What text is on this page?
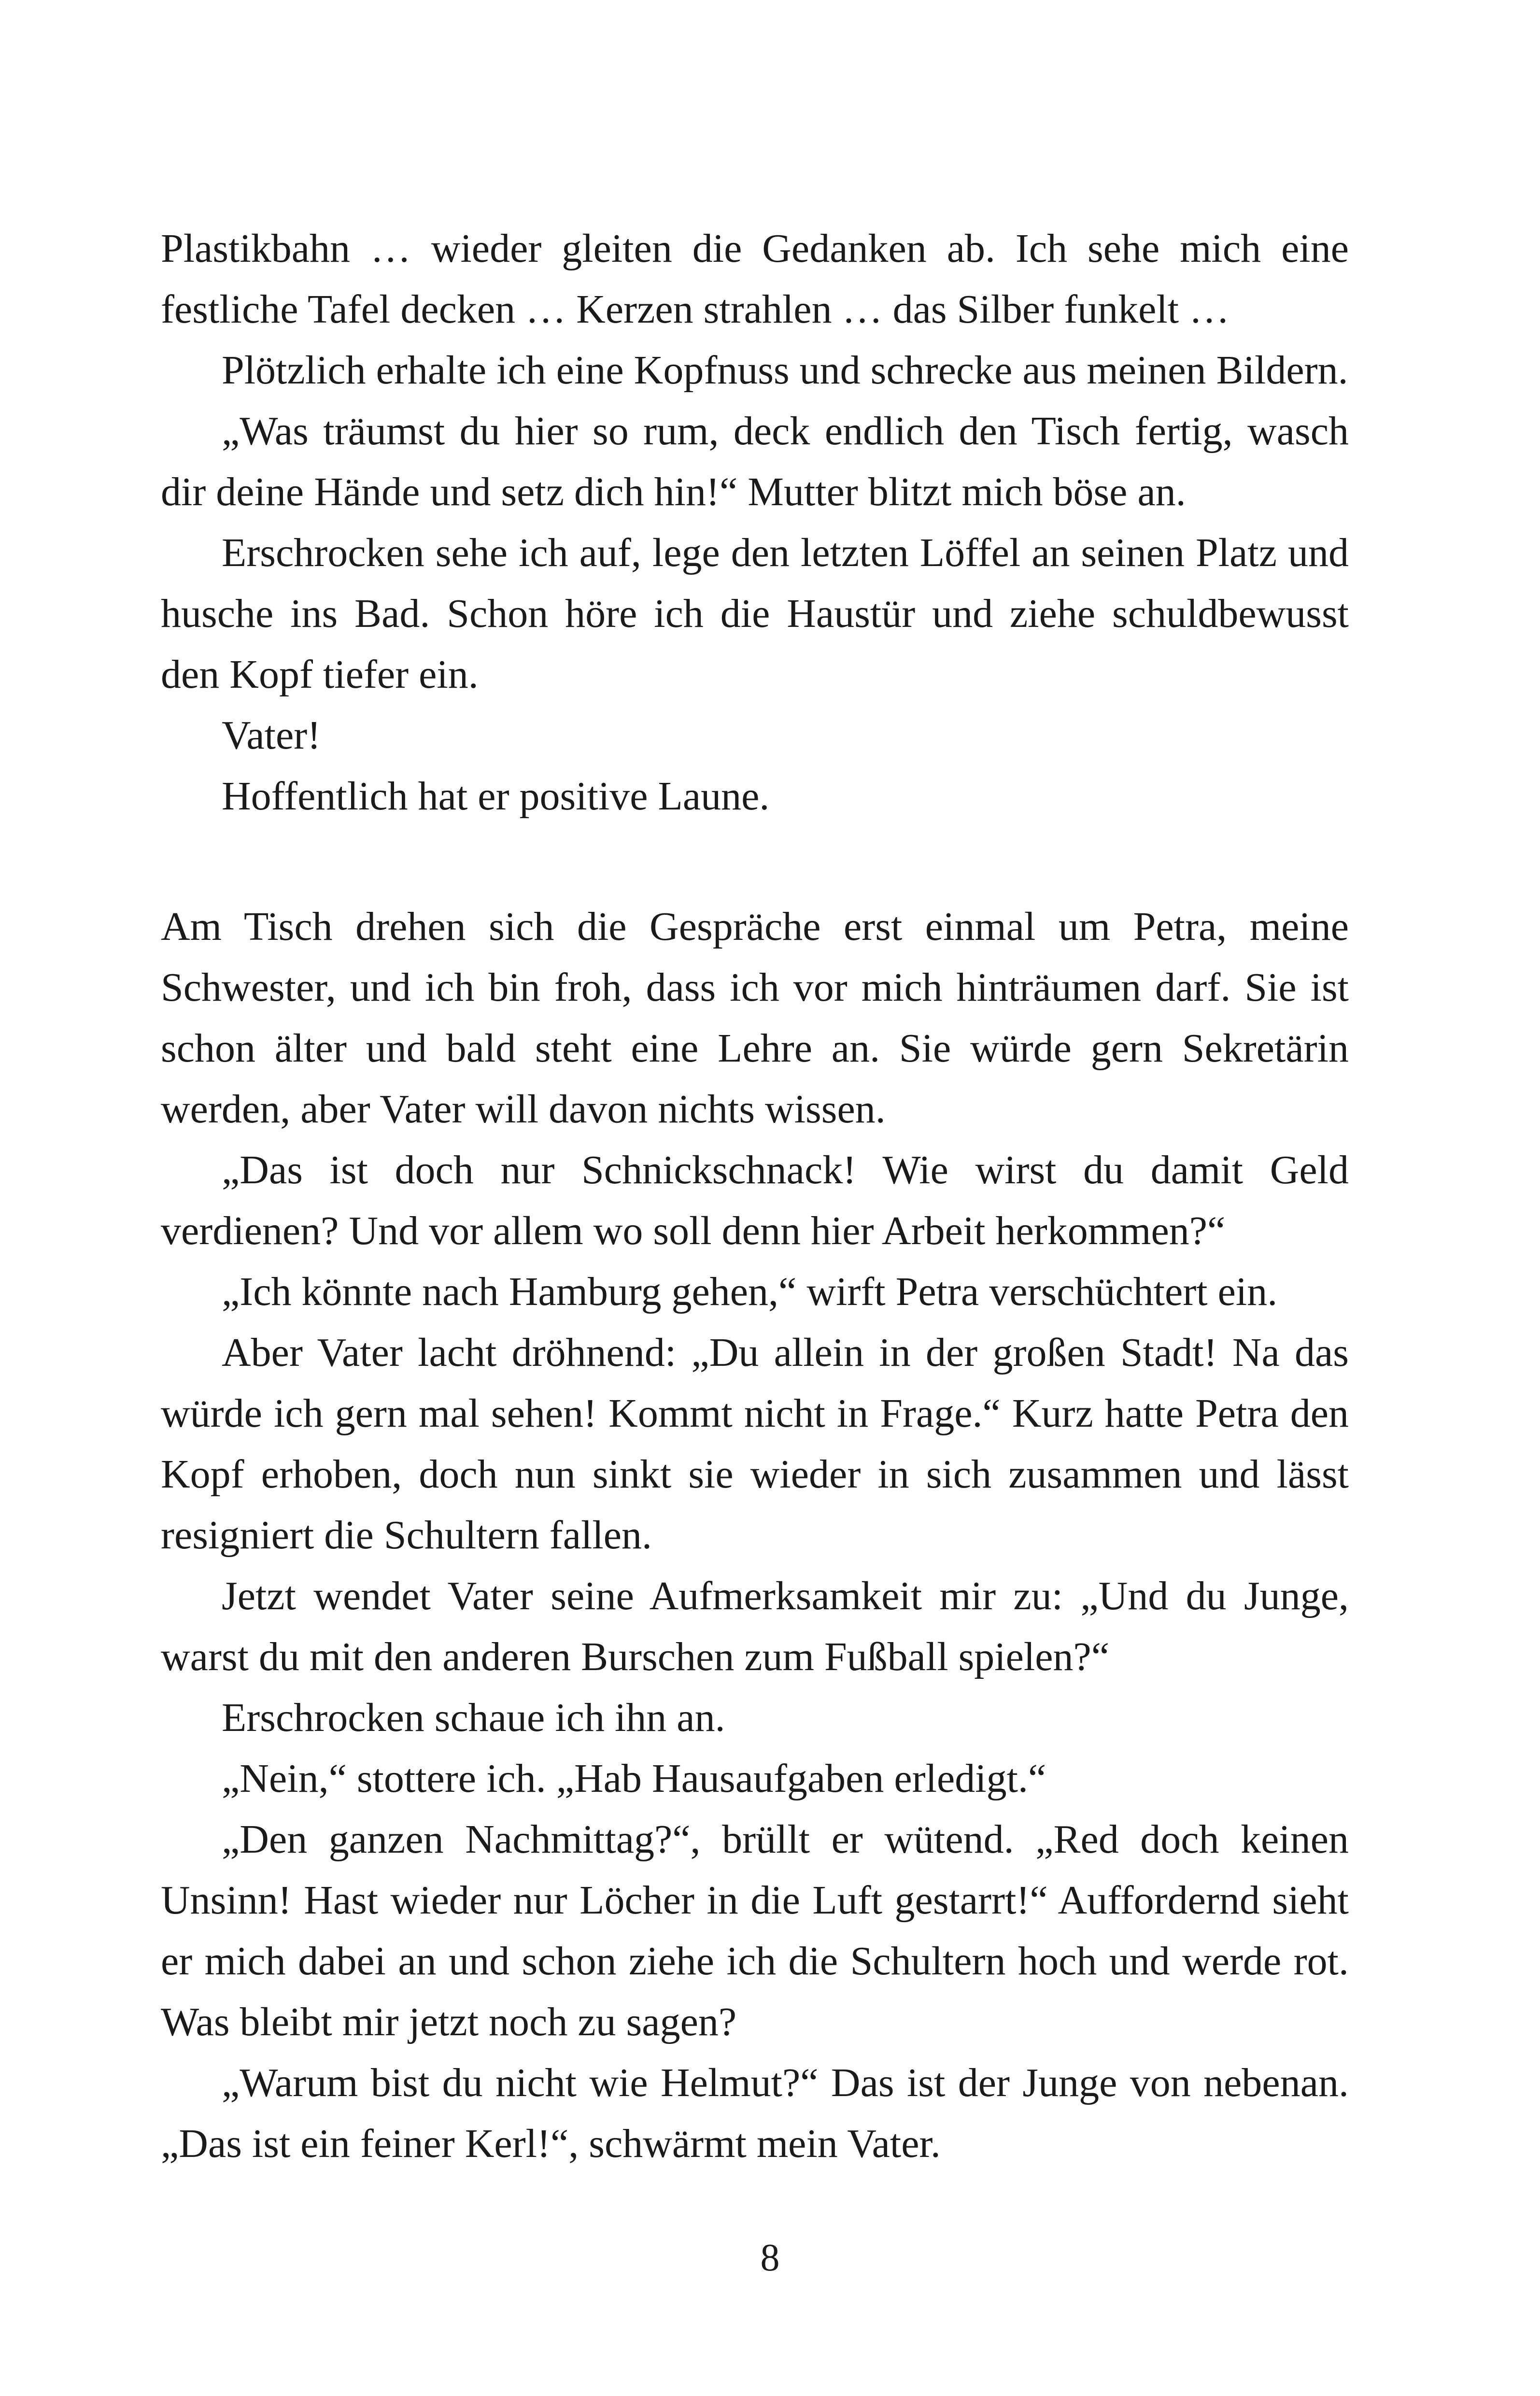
Plastikbahn … wieder gleiten die Gedanken ab. Ich sehe mich eine festliche Tafel decken … Kerzen strahlen … das Silber funkelt …

Plötzlich erhalte ich eine Kopfnuss und schrecke aus meinen Bildern.

„Was träumst du hier so rum, deck endlich den Tisch fertig, wasch dir deine Hände und setz dich hin!“ Mutter blitzt mich böse an.

Erschrocken sehe ich auf, lege den letzten Löffel an seinen Platz und husche ins Bad. Schon höre ich die Haustür und ziehe schuldbewusst den Kopf tiefer ein.

Vater!

Hoffentlich hat er positive Laune.

Am Tisch drehen sich die Gespräche erst einmal um Petra, meine Schwester, und ich bin froh, dass ich vor mich hinträumen darf. Sie ist schon älter und bald steht eine Lehre an. Sie würde gern Sekretärin werden, aber Vater will davon nichts wissen.

„Das ist doch nur Schnickschnack! Wie wirst du damit Geld verdienen? Und vor allem wo soll denn hier Arbeit herkommen?“

„Ich könnte nach Hamburg gehen,“ wirft Petra verschüchtert ein.

Aber Vater lacht dröhnend: „Du allein in der großen Stadt! Na das würde ich gern mal sehen! Kommt nicht in Frage.“ Kurz hatte Petra den Kopf erhoben, doch nun sinkt sie wieder in sich zusammen und lässt resigniert die Schultern fallen.

Jetzt wendet Vater seine Aufmerksamkeit mir zu: „Und du Junge, warst du mit den anderen Burschen zum Fußball spielen?“

Erschrocken schaue ich ihn an.

„Nein,“ stottere ich. „Hab Hausaufgaben erledigt.“

„Den ganzen Nachmittag?“, brüllt er wütend. „Red doch keinen Unsinn! Hast wieder nur Löcher in die Luft gestarrt!“ Auffordernd sieht er mich dabei an und schon ziehe ich die Schultern hoch und werde rot. Was bleibt mir jetzt noch zu sagen?

„Warum bist du nicht wie Helmut?“ Das ist der Junge von nebenan. „Das ist ein feiner Kerl!“, schwärmt mein Vater.

8
